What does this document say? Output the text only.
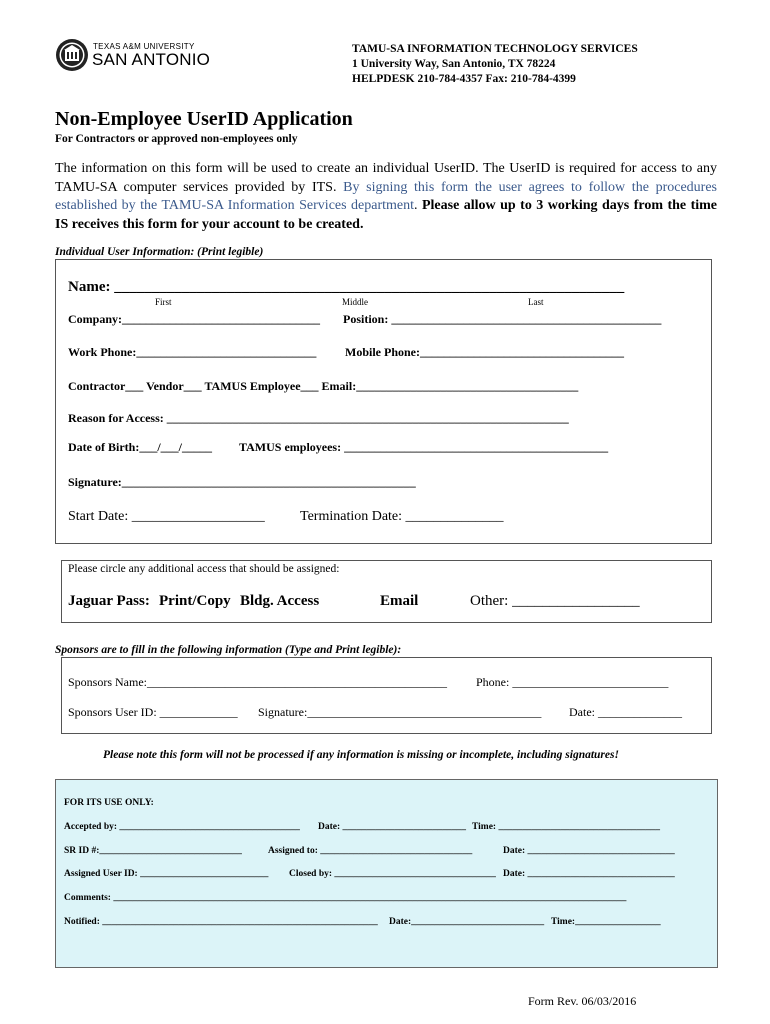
TEXAS A&M UNIVERSITY
SAN ANTONIO
TAMU-SA INFORMATION TECHNOLOGY SERVICES
1 University Way, San Antonio, TX 78224
HELPDESK 210-784-4357 Fax: 210-784-4399
Non-Employee UserID Application
For Contractors or approved non-employees only
The information on this form will be used to create an individual UserID. The UserID is required for access to any TAMU-SA computer services provided by ITS. By signing this form the user agrees to follow the procedures established by the TAMU-SA Information Services department. Please allow up to 3 working days from the time IS receives this form for your account to be created.
Individual User Information: (Print legible)
Name: ____________________________________________________________________
First	Middle	Last
Company:_________________________________ Position: _____________________________________________
Work Phone:______________________________ Mobile Phone:__________________________________
Contractor___ Vendor___ TAMUS Employee___ Email:_____________________________________
Reason for Access: ___________________________________________________________________
Date of Birth:___/___/_____ TAMUS employees: ____________________________________________
Signature:_________________________________________________
Start Date: ___________________	Termination Date: ______________
Please circle any additional access that should be assigned:
Jaguar Pass: Print/Copy Bldg. Access	Email	Other: _________________
Sponsors are to fill in the following information (Type and Print legible):
Sponsors Name:__________________________________________________ Phone: __________________________
Sponsors User ID: _____________ Signature:_______________________________________ Date: ______________
Please note this form will not be processed if any information is missing or incomplete, including signatures!
FOR ITS USE ONLY:
Accepted by: ______________________________________ Date: __________________________ Time: __________________________________
SR ID #:______________________________	Assigned to: ________________________________	Date: _______________________________
Assigned User ID: ___________________________ Closed by: __________________________________ Date: _______________________________
Comments: ____________________________________________________________________________________________________________
Notified: __________________________________________________________ Date:____________________________ Time:__________________
Form Rev. 06/03/2016
